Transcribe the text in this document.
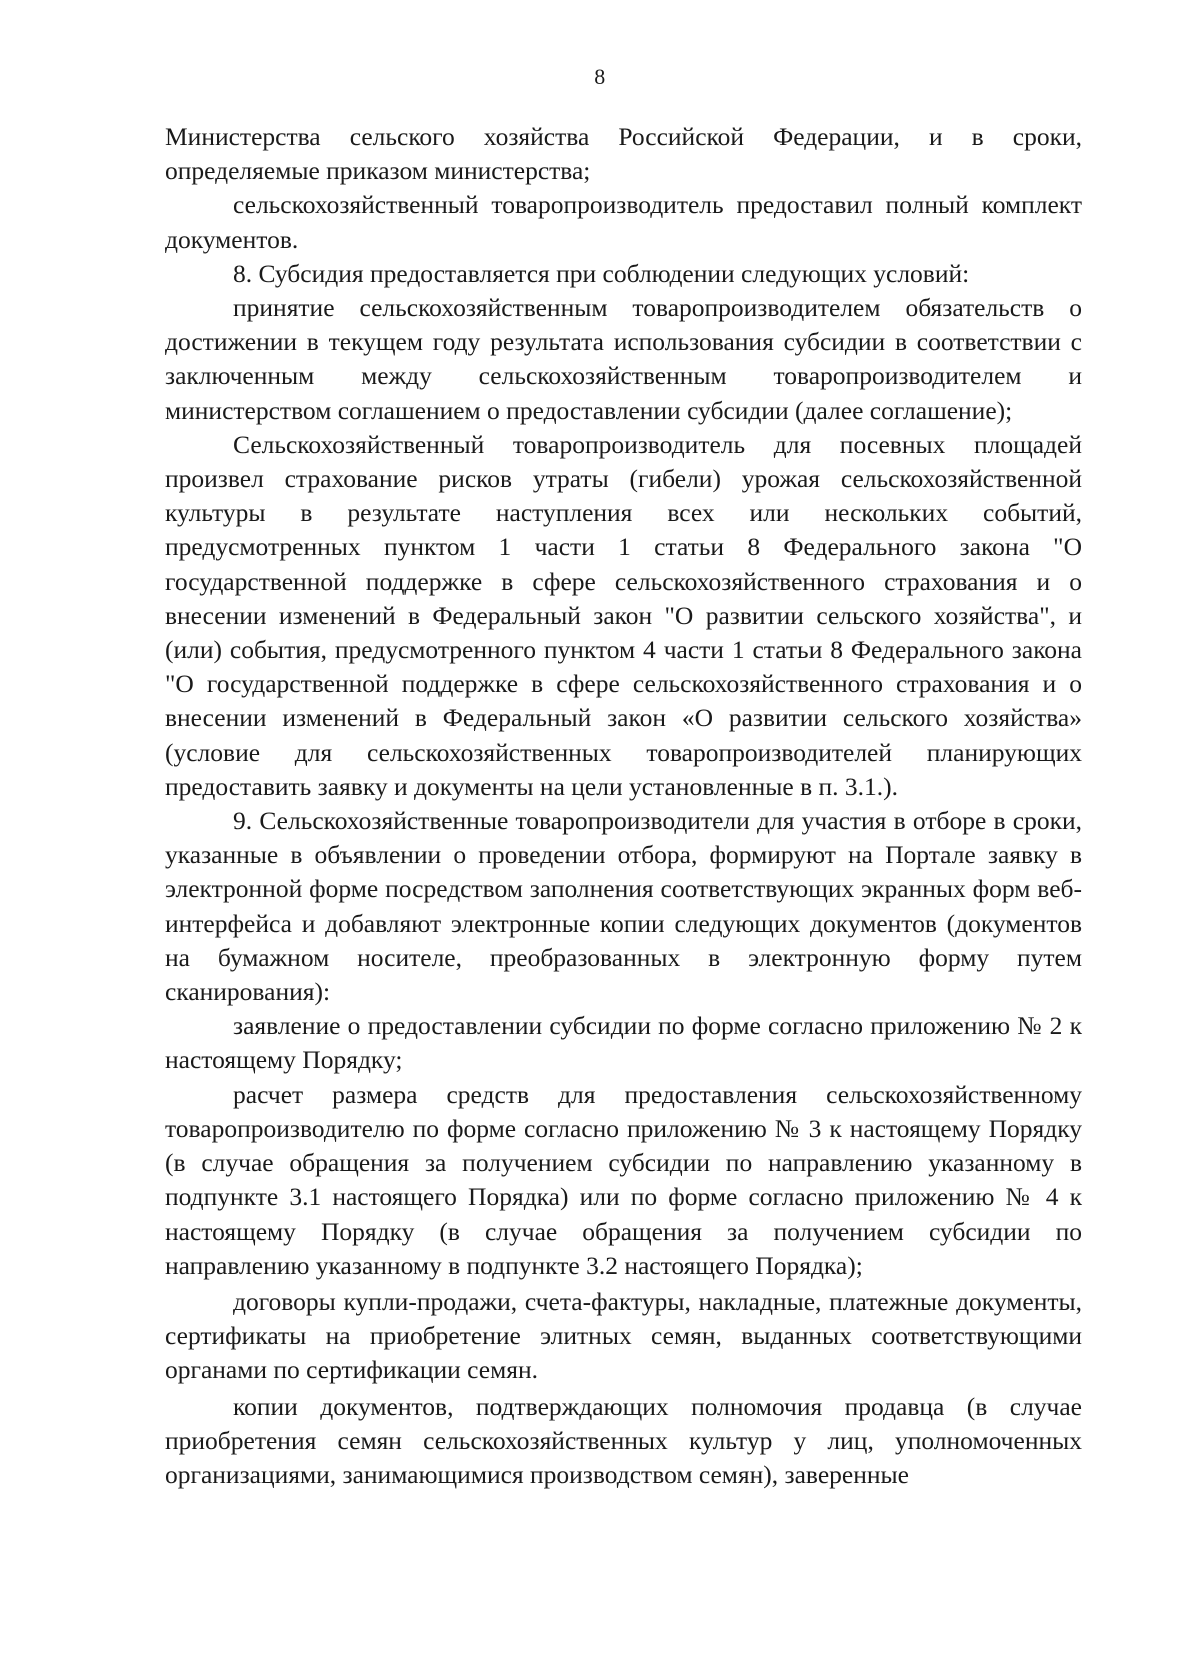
8

Министерства сельского хозяйства Российской Федерации, и в сроки, определяемые приказом министерства;

сельскохозяйственный товаропроизводитель предоставил полный комплект документов.

8. Субсидия предоставляется при соблюдении следующих условий:

принятие сельскохозяйственным товаропроизводителем обязательств о достижении в текущем году результата использования субсидии в соответствии с заключенным между сельскохозяйственным товаропроизводителем и министерством соглашением о предоставлении субсидии (далее соглашение);

Сельскохозяйственный товаропроизводитель для посевных площадей произвел страхование рисков утраты (гибели) урожая сельскохозяйственной культуры в результате наступления всех или нескольких событий, предусмотренных пунктом 1 части 1 статьи 8 Федерального закона "О государственной поддержке в сфере сельскохозяйственного страхования и о внесении изменений в Федеральный закон "О развитии сельского хозяйства", и (или) события, предусмотренного пунктом 4 части 1 статьи 8 Федерального закона "О государственной поддержке в сфере сельскохозяйственного страхования и о внесении изменений в Федеральный закон «О развитии сельского хозяйства» (условие для сельскохозяйственных товаропроизводителей планирующих предоставить заявку и документы на цели установленные в п. 3.1.).

9. Сельскохозяйственные товаропроизводители для участия в отборе в сроки, указанные в объявлении о проведении отбора, формируют на Портале заявку в электронной форме посредством заполнения соответствующих экранных форм веб-интерфейса и добавляют электронные копии следующих документов (документов на бумажном носителе, преобразованных в электронную форму путем сканирования):

заявление о предоставлении субсидии по форме согласно приложению № 2 к настоящему Порядку;

расчет размера средств для предоставления сельскохозяйственному товаропроизводителю по форме согласно приложению № 3 к настоящему Порядку (в случае обращения за получением субсидии по направлению указанному в подпункте 3.1 настоящего Порядка) или по форме согласно приложению № 4 к настоящему Порядку (в случае обращения за получением субсидии по направлению указанному в подпункте 3.2 настоящего Порядка);

договоры купли-продажи, счета-фактуры, накладные, платежные документы, сертификаты на приобретение элитных семян, выданных соответствующими органами по сертификации семян.

копии документов, подтверждающих полномочия продавца (в случае приобретения семян сельскохозяйственных культур у лиц, уполномоченных организациями, занимающимися производством семян), заверенные
